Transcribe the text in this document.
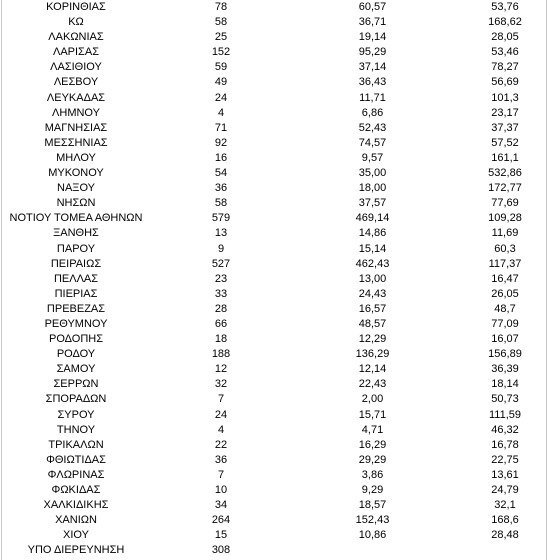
ΚΟΡΙΝΘΙΑΣ	78	60,57	53,76
ΚΩ	58	36,71	168,62
ΛΑΚΩΝΙΑΣ	25	19,14	28,05
ΛΑΡΙΣΑΣ	152	95,29	53,46
ΛΑΣΙΘΙΟΥ	59	37,14	78,27
ΛΕΣΒΟΥ	49	36,43	56,69
ΛΕΥΚΑΔΑΣ	24	11,71	101,3
ΛΗΜΝΟΥ	4	6,86	23,17
ΜΑΓΝΗΣΙΑΣ	71	52,43	37,37
ΜΕΣΣΗΝΙΑΣ	92	74,57	57,52
ΜΗΛΟΥ	16	9,57	161,1
ΜΥΚΟΝΟΥ	54	35,00	532,86
ΝΑΞΟΥ	36	18,00	172,77
ΝΗΣΩΝ	58	37,57	77,69
ΝΟΤΙΟΥ ΤΟΜΕΑ ΑΘΗΝΩΝ	579	469,14	109,28
ΞΑΝΘΗΣ	13	14,86	11,69
ΠΑΡΟΥ	9	15,14	60,3
ΠΕΙΡΑΙΩΣ	527	462,43	117,37
ΠΕΛΛΑΣ	23	13,00	16,47
ΠΙΕΡΙΑΣ	33	24,43	26,05
ΠΡΕΒΕΖΑΣ	28	16,57	48,7
ΡΕΘΥΜΝΟΥ	66	48,57	77,09
ΡΟΔΟΠΗΣ	18	12,29	16,07
ΡΟΔΟΥ	188	136,29	156,89
ΣΑΜΟΥ	12	12,14	36,39
ΣΕΡΡΩΝ	32	22,43	18,14
ΣΠΟΡΑΔΩΝ	7	2,00	50,73
ΣΥΡΟΥ	24	15,71	111,59
ΤΗΝΟΥ	4	4,71	46,32
ΤΡΙΚΑΛΩΝ	22	16,29	16,78
ΦΘΙΩΤΙΔΑΣ	36	29,29	22,75
ΦΛΩΡΙΝΑΣ	7	3,86	13,61
ΦΩΚΙΔΑΣ	10	9,29	24,79
ΧΑΛΚΙΔΙΚΗΣ	34	18,57	32,1
ΧΑΝΙΩΝ	264	152,43	168,6
ΧΙΟΥ	15	10,86	28,48
ΥΠΟ ΔΙΕΡΕΥΝΗΣΗ	308
